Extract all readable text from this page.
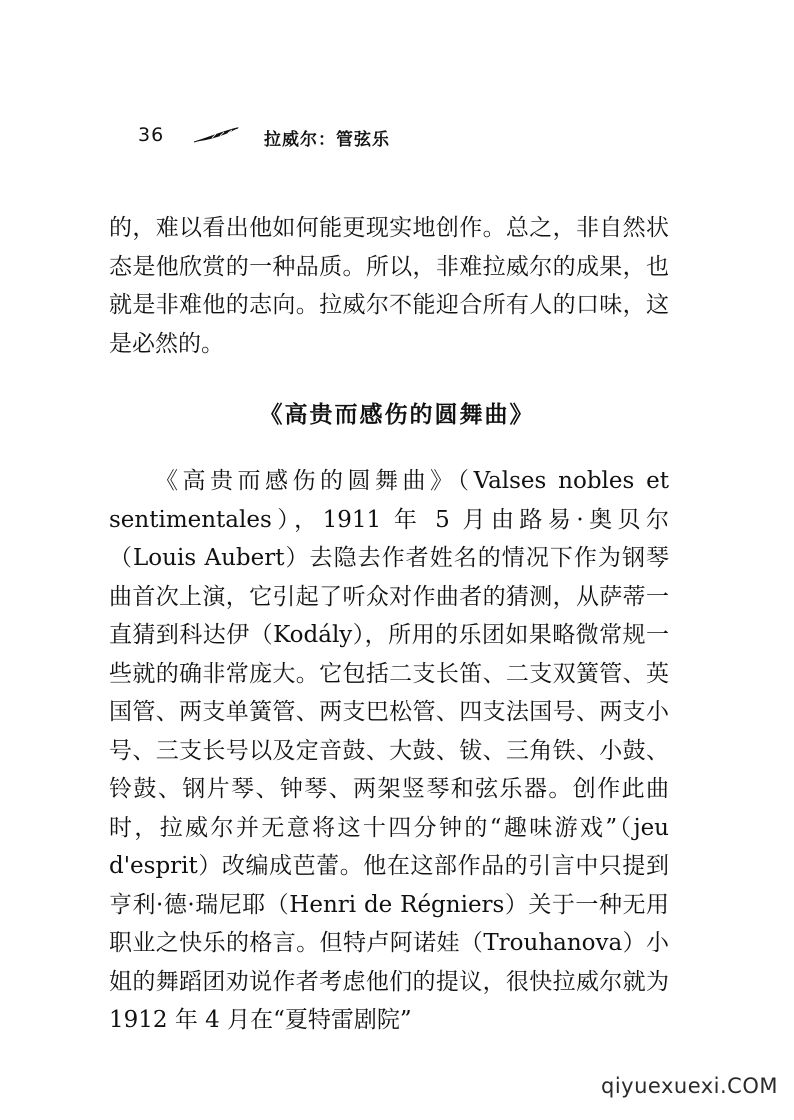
36	拉威尔：管弦乐

的，难以看出他如何能更现实地创作。总之，非自然状态是他欣赏的一种品质。所以，非难拉威尔的成果，也就是非难他的志向。拉威尔不能迎合所有人的口味，这是必然的。

《高贵而感伤的圆舞曲》

《高贵而感伤的圆舞曲》（Valses nobles et sentimentales），1911 年 5 月由路易·奥贝尔（Louis Aubert）去隐去作者姓名的情况下作为钢琴曲首次上演，它引起了听众对作曲者的猜测，从萨蒂一直猜到科达伊（Kodály），所用的乐团如果略微常规一些就的确非常庞大。它包括二支长笛、二支双簧管、英国管、两支单簧管、两支巴松管、四支法国号、两支小号、三支长号以及定音鼓、大鼓、钹、三角铁、小鼓、铃鼓、钢片琴、钟琴、两架竖琴和弦乐器。创作此曲时，拉威尔并无意将这十四分钟的“趣味游戏”（jeu d'esprit）改编成芭蕾。他在这部作品的引言中只提到亨利·德·瑞尼耶（Henri de Régniers）关于一种无用职业之快乐的格言。但特卢阿诺娃（Trouhanova）小姐的舞蹈团劝说作者考虑他们的提议，很快拉威尔就为 1912 年 4 月在“夏特雷剧院”

qiyuexuexi.COM
